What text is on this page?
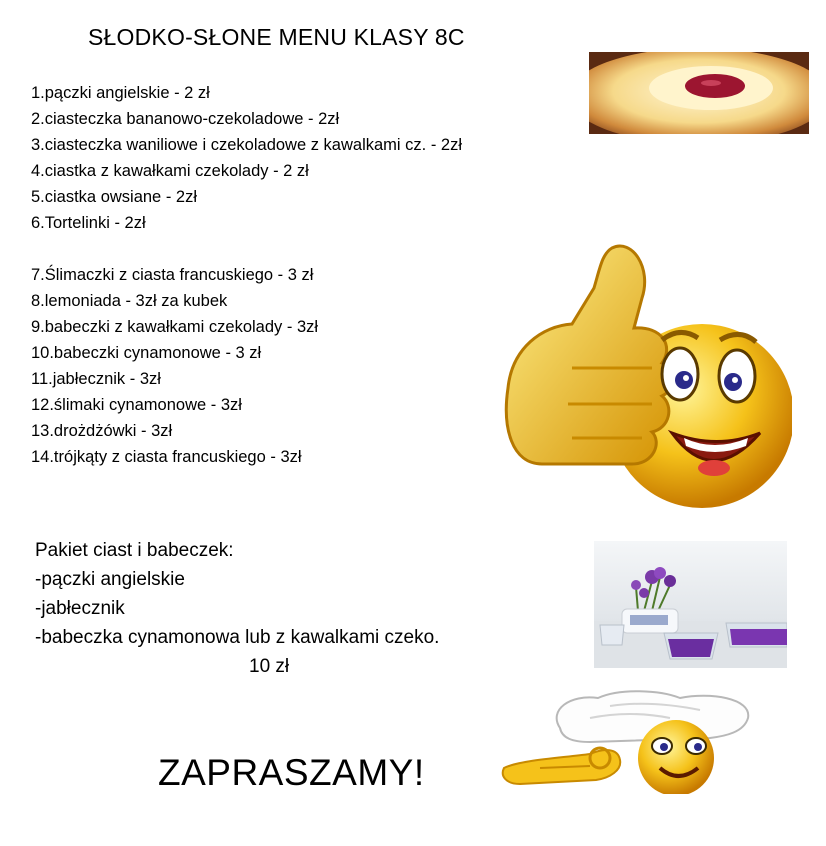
SŁODKO-SŁONE MENU KLASY 8C
1.pączki angielskie - 2 zł
2.ciasteczka bananowo-czekoladowe - 2zł
3.ciasteczka waniliowe i czekoladowe z kawalkami cz. - 2zł
4.ciastka z kawałkami czekolady - 2 zł
5.ciastka owsiane - 2zł
6.Tortelinki - 2zł
7.Ślimaczki z ciasta francuskiego - 3 zł
8.lemoniada - 3zł za kubek
9.babeczki z kawałkami czekolady - 3zł
10.babeczki cynamonowe - 3 zł
11.jabłecznik - 3zł
12.ślimaki cynamonowe - 3zł
13.drożdżówki - 3zł
14.trójkąty z ciasta francuskiego - 3zł
Pakiet ciast i babeczek:
-pączki angielskie
-jabłecznik
-babeczka cynamonowa lub z kawalkami czeko.
10 zł
ZAPRASZAMY!
